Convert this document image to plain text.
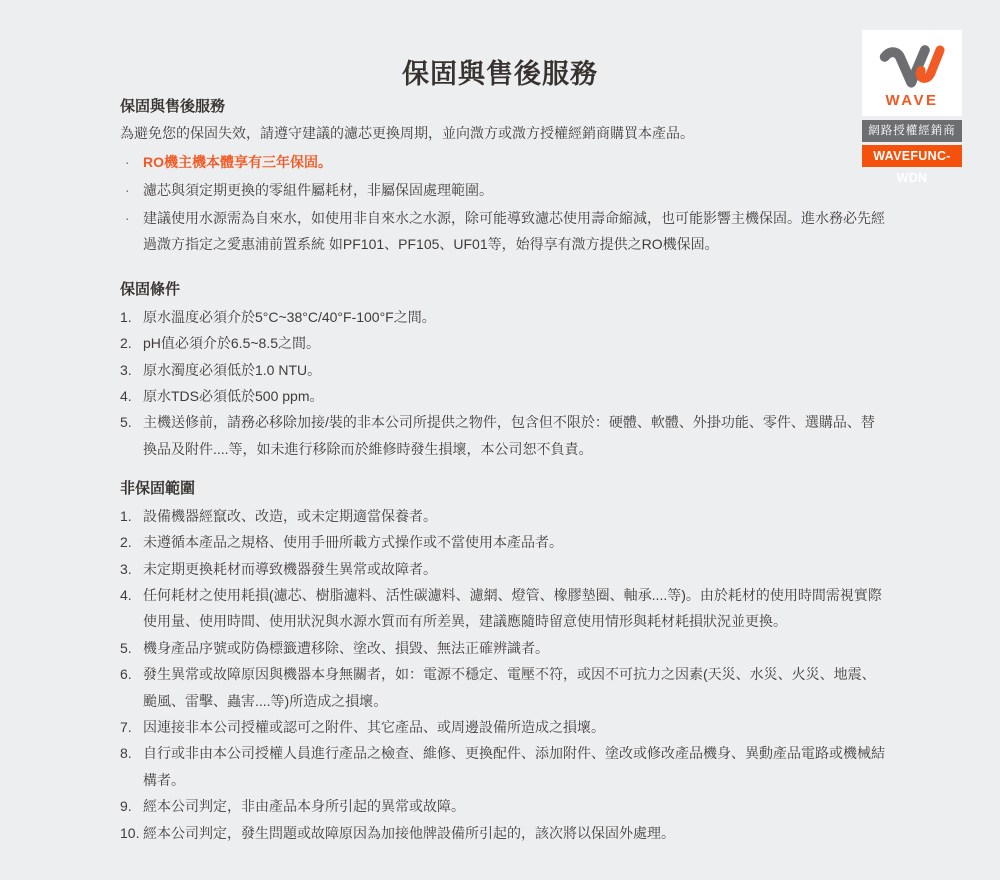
保固與售後服務
WAVE
網路授權經銷商
WAVEFUNC-WDN
保固與售後服務
為避免您的保固失效，請遵守建議的濾芯更換周期，並向溦方或溦方授權經銷商購買本產品。
· RO機主機本體享有三年保固。
· 濾芯與須定期更換的零組件屬耗材，非屬保固處理範圍。
· 建議使用水源需為自來水，如使用非自來水之水源，除可能導致濾芯使用壽命縮減，也可能影響主機保固。進水務必先經過溦方指定之愛惠浦前置系統 如PF101、PF105、UF01等，始得享有溦方提供之RO機保固。
保固條件
1. 原水溫度必須介於5°C~38°C/40°F-100°F之間。
2. pH值必須介於6.5~8.5之間。
3. 原水濁度必須低於1.0 NTU。
4. 原水TDS必須低於500 ppm。
5. 主機送修前，請務必移除加接/裝的非本公司所提供之物件，包含但不限於：硬體、軟體、外掛功能、零件、選購品、替換品及附件....等，如未進行移除而於維修時發生損壞，本公司恕不負責。
非保固範圍
1. 設備機器經竄改、改造，或未定期適當保養者。
2. 未遵循本產品之規格、使用手冊所載方式操作或不當使用本產品者。
3. 未定期更換耗材而導致機器發生異常或故障者。
4. 任何耗材之使用耗損(濾芯、樹脂濾料、活性碳濾料、濾網、燈管、橡膠墊圈、軸承....等)。由於耗材的使用時間需視實際使用量、使用時間、使用狀況與水源水質而有所差異，建議應隨時留意使用情形與耗材耗損狀況並更換。
5. 機身產品序號或防偽標籤遭移除、塗改、損毀、無法正確辨識者。
6. 發生異常或故障原因與機器本身無關者，如：電源不穩定、電壓不符，或因不可抗力之因素(天災、水災、火災、地震、颱風、雷擊、蟲害....等)所造成之損壞。
7. 因連接非本公司授權或認可之附件、其它產品、或周邊設備所造成之損壞。
8. 自行或非由本公司授權人員進行產品之檢查、維修、更換配件、添加附件、塗改或修改產品機身、異動產品電路或機械結構者。
9. 經本公司判定，非由產品本身所引起的異常或故障。
10. 經本公司判定，發生問題或故障原因為加接他牌設備所引起的，該次將以保固外處理。
